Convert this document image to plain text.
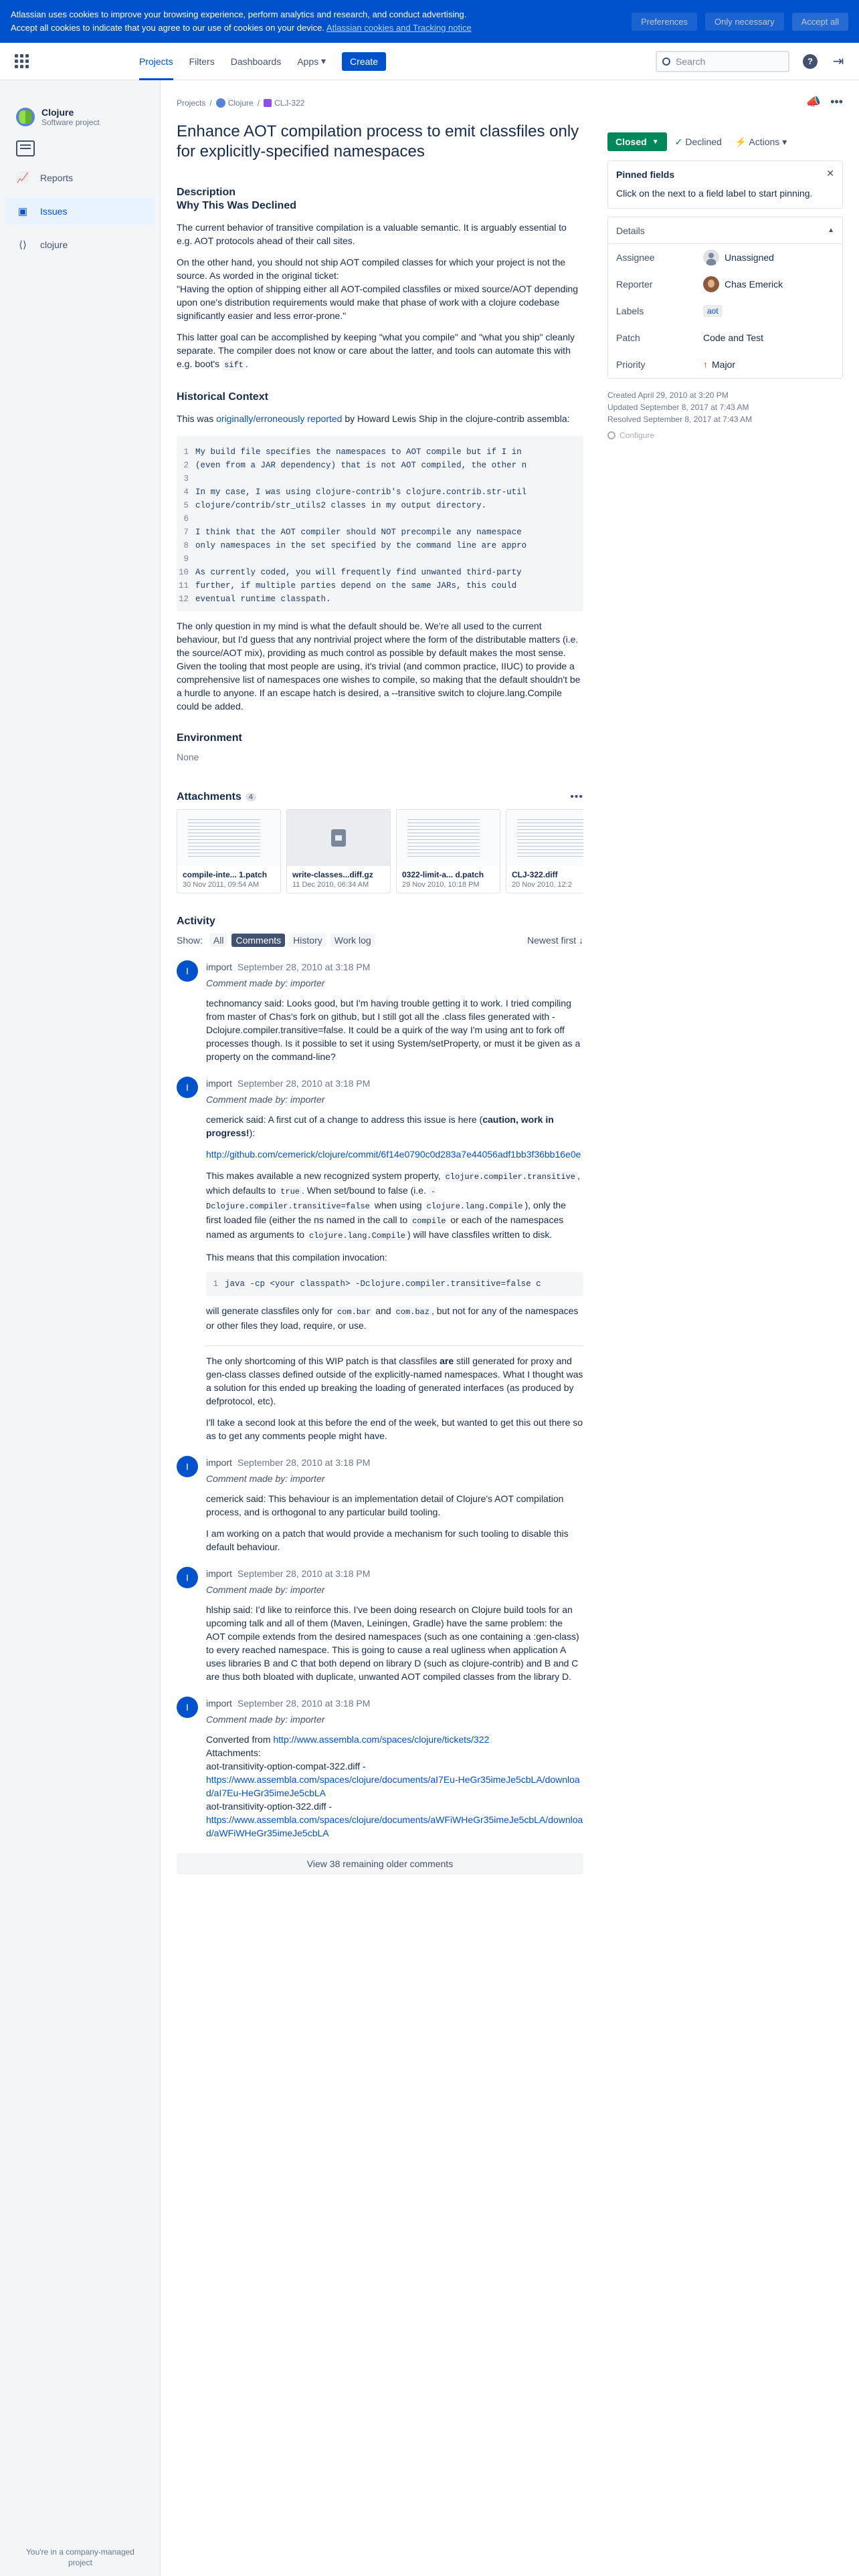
Atlassian uses cookies to improve your browsing experience, perform analytics and research, and conduct advertising.
Accept all cookies to indicate that you agree to our use of cookies on your device. Atlassian cookies and Tracking notice
Preferences	Only necessary	Accept all
Projects Filters Dashboards Apps
▾	Create	Search	?	⇥
Clojure
Software project
📈 Reports
▣ Issues
⟨⟩ clojure
You're in a company-managed project
Projects / Clojure / CLJ-322
Enhance AOT compilation process to emit classfiles only for explicitly-specified namespaces
Description
Why This Was Declined

The current behavior of transitive compilation is a valuable semantic. It is arguably essential to e.g. AOT protocols ahead of their call sites.

On the other hand, you should not ship AOT compiled classes for which your project is not the source. As worded in the original ticket:
"Having the option of shipping either all AOT-compiled classfiles or mixed source/AOT depending upon one's distribution requirements would make that phase of work with a clojure codebase significantly easier and less error-prone."

This latter goal can be accomplished by keeping "what you compile" and "what you ship" cleanly separate. The compiler does not know or care about the latter, and tools can automate this with e.g. boot's sift .

Historical Context

This was originally/erroneously reported by Howard Lewis Ship in the clojure-contrib assembla:

1 My build file specifies the namespaces to AOT compile but if I in
2 (even from a JAR dependency) that is not AOT compiled, the other n
3
4 In my case, I was using clojure-contrib's clojure.contrib.str-util
5 clojure/contrib/str_utils2 classes in my output directory.
6
7 I think that the AOT compiler should NOT precompile any namespace
8 only namespaces in the set specified by the command line are appro
9
10 As currently coded, you will frequently find unwanted third-party
11 further, if multiple parties depend on the same JARs, this could
12 eventual runtime classpath.

The only question in my mind is what the default should be. We're all used to the current behaviour, but I'd guess that any nontrivial project where the form of the distributable matters (i.e. the source/AOT mix), providing as much control as possible by default makes the most sense. Given the tooling that most people are using, it's trivial (and common practice, IIUC) to provide a comprehensive list of namespaces one wishes to compile, so making that the default shouldn't be a hurdle to anyone. If an escape hatch is desired, a --transitive switch to clojure.lang.Compile could be added.

Environment

None

Attachments	4	•••
compile-inte... 1.patch
30 Nov 2011, 09:54 AM
write-classes...diff.gz
11 Dec 2010, 06:34 AM
0322-limit-a... d.patch
29 Nov 2010, 10:18 PM
CLJ-322.diff
20 Nov 2010, 12:2
Activity
Show:	All	Comments	History	Work log	Newest first ↓
I	import September 28, 2010 at 3:18 PM
Comment made by: importer

technomancy said: Looks good, but I'm having trouble getting it to work. I tried compiling from master of Chas's fork on github, but I still got all the .class files generated with -Dclojure.compiler.transitive=false. It could be a quirk of the way I'm using ant to fork off processes though. Is it possible to set it using System/setProperty, or must it be given as a property on the command-line?

I	import September 28, 2010 at 3:18 PM
Comment made by: importer

cemerick said: A first cut of a change to address this issue is here (caution, work in progress!):

http://github.com/cemerick/clojure/commit/6f14e0790c0d283a7e44056adf1bb3f36bb16e0e

This makes available a new recognized system property, clojure.compiler.transitive , which defaults to true . When set/bound to false (i.e. -Dclojure.compiler.transitive=false when using clojure.lang.Compile ), only the first loaded file (either the ns named in the call to compile or each of the namespaces named as arguments to clojure.lang.Compile ) will have classfiles written to disk.

This means that this compilation invocation:

1 java -cp <your classpath> -Dclojure.compiler.transitive=false c

will generate classfiles only for com.bar and com.baz , but not for any of the namespaces or other files they load, require, or use.

The only shortcoming of this WIP patch is that classfiles are still generated for proxy and gen-class classes defined outside of the explicitly-named namespaces. What I thought was a solution for this ended up breaking the loading of generated interfaces (as produced by defprotocol, etc).

I'll take a second look at this before the end of the week, but wanted to get this out there so as to get any comments people might have.

I	import September 28, 2010 at 3:18 PM
Comment made by: importer

cemerick said: This behaviour is an implementation detail of Clojure's AOT compilation process, and is orthogonal to any particular build tooling.

I am working on a patch that would provide a mechanism for such tooling to disable this default behaviour.

I	import September 28, 2010 at 3:18 PM
Comment made by: importer

hlship said: I'd like to reinforce this. I've been doing research on Clojure build tools for an upcoming talk and all of them (Maven, Leiningen, Gradle) have the same problem: the AOT compile extends from the desired namespaces (such as one containing a :gen-class) to every reached namespace. This is going to cause a real ugliness when application A uses libraries B and C that both depend on library D (such as clojure-contrib) and B and C are thus both bloated with duplicate, unwanted AOT compiled classes from the library D.

I	import September 28, 2010 at 3:18 PM
Comment made by: importer

Converted from http://www.assembla.com/spaces/clojure/tickets/322
Attachments:
aot-transitivity-option-compat-322.diff -
https://www.assembla.com/spaces/clojure/documents/aI7Eu-HeGr35imeJe5cbLA/download/aI7Eu-HeGr35imeJe5cbLA
aot-transitivity-option-322.diff -
https://www.assembla.com/spaces/clojure/documents/aWFiWHeGr35imeJe5cbLA/download/aWFiWHeGr35imeJe5cbLA

View 38 remaining older comments
📣 •••
Closed ▼ ✓ Declined	⚡ Actions ▾
Pinned fields	✕
Click on the next to a field label to start pinning.
Details	▲
Assignee	Unassigned
Reporter	Chas Emerick
Labels	aot
Patch	Code and Test
Priority	↑ Major
Created April 29, 2010 at 3:20 PM
Updated September 8, 2017 at 7:43 AM
Resolved September 8, 2017 at 7:43 AM
Configure
